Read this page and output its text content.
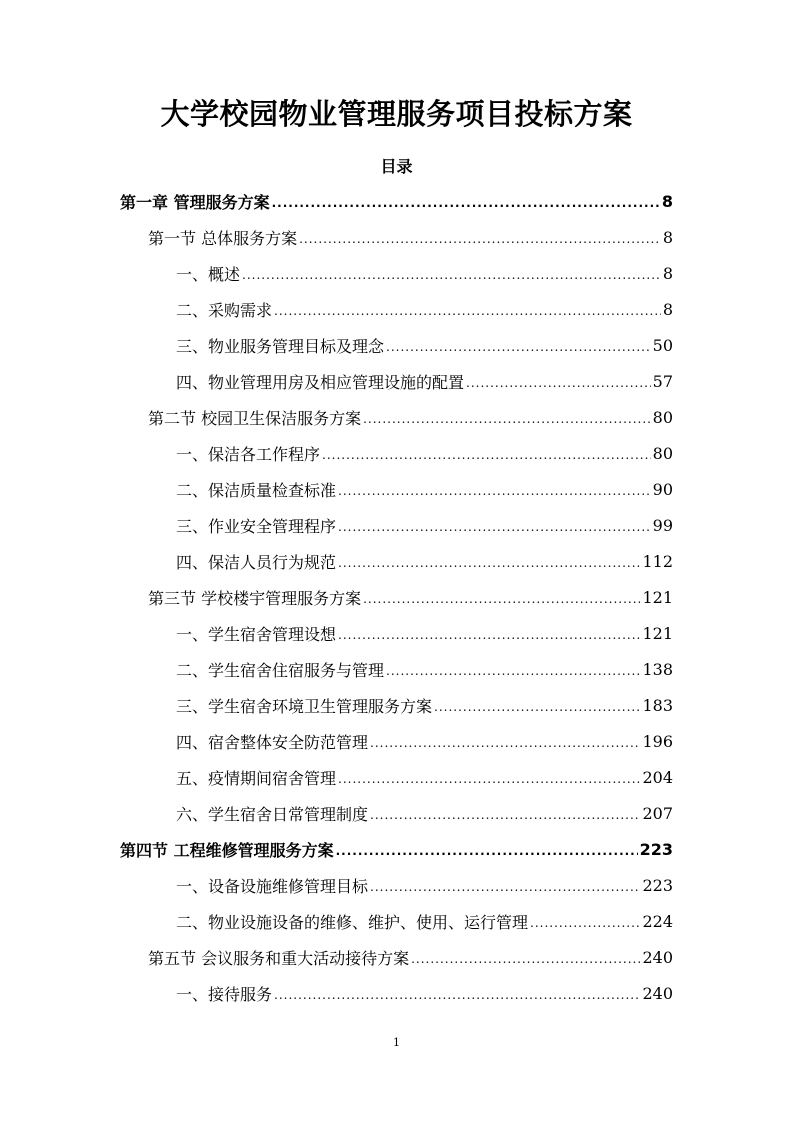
大学校园物业管理服务项目投标方案
目录
第一章 管理服务方案 .....	8
第一节 总体服务方案 .....	8
一、概述 .....	8
二、采购需求 .....	8
三、物业服务管理目标及理念 .....	50
四、物业管理用房及相应管理设施的配置 .....	57
第二节 校园卫生保洁服务方案 .....	80
一、保洁各工作程序 .....	80
二、保洁质量检查标准 .....	90
三、作业安全管理程序 .....	99
四、保洁人员行为规范 .....	112
第三节 学校楼宇管理服务方案 .....	121
一、学生宿舍管理设想 .....	121
二、学生宿舍住宿服务与管理 .....	138
三、学生宿舍环境卫生管理服务方案 .....	183
四、宿舍整体安全防范管理 .....	196
五、疫情期间宿舍管理 .....	204
六、学生宿舍日常管理制度 .....	207
第四节 工程维修管理服务方案 .....	223
一、设备设施维修管理目标 .....	223
二、物业设施设备的维修、维护、使用、运行管理 .....	224
第五节 会议服务和重大活动接待方案 .....	240
一、接待服务 .....	240
1
